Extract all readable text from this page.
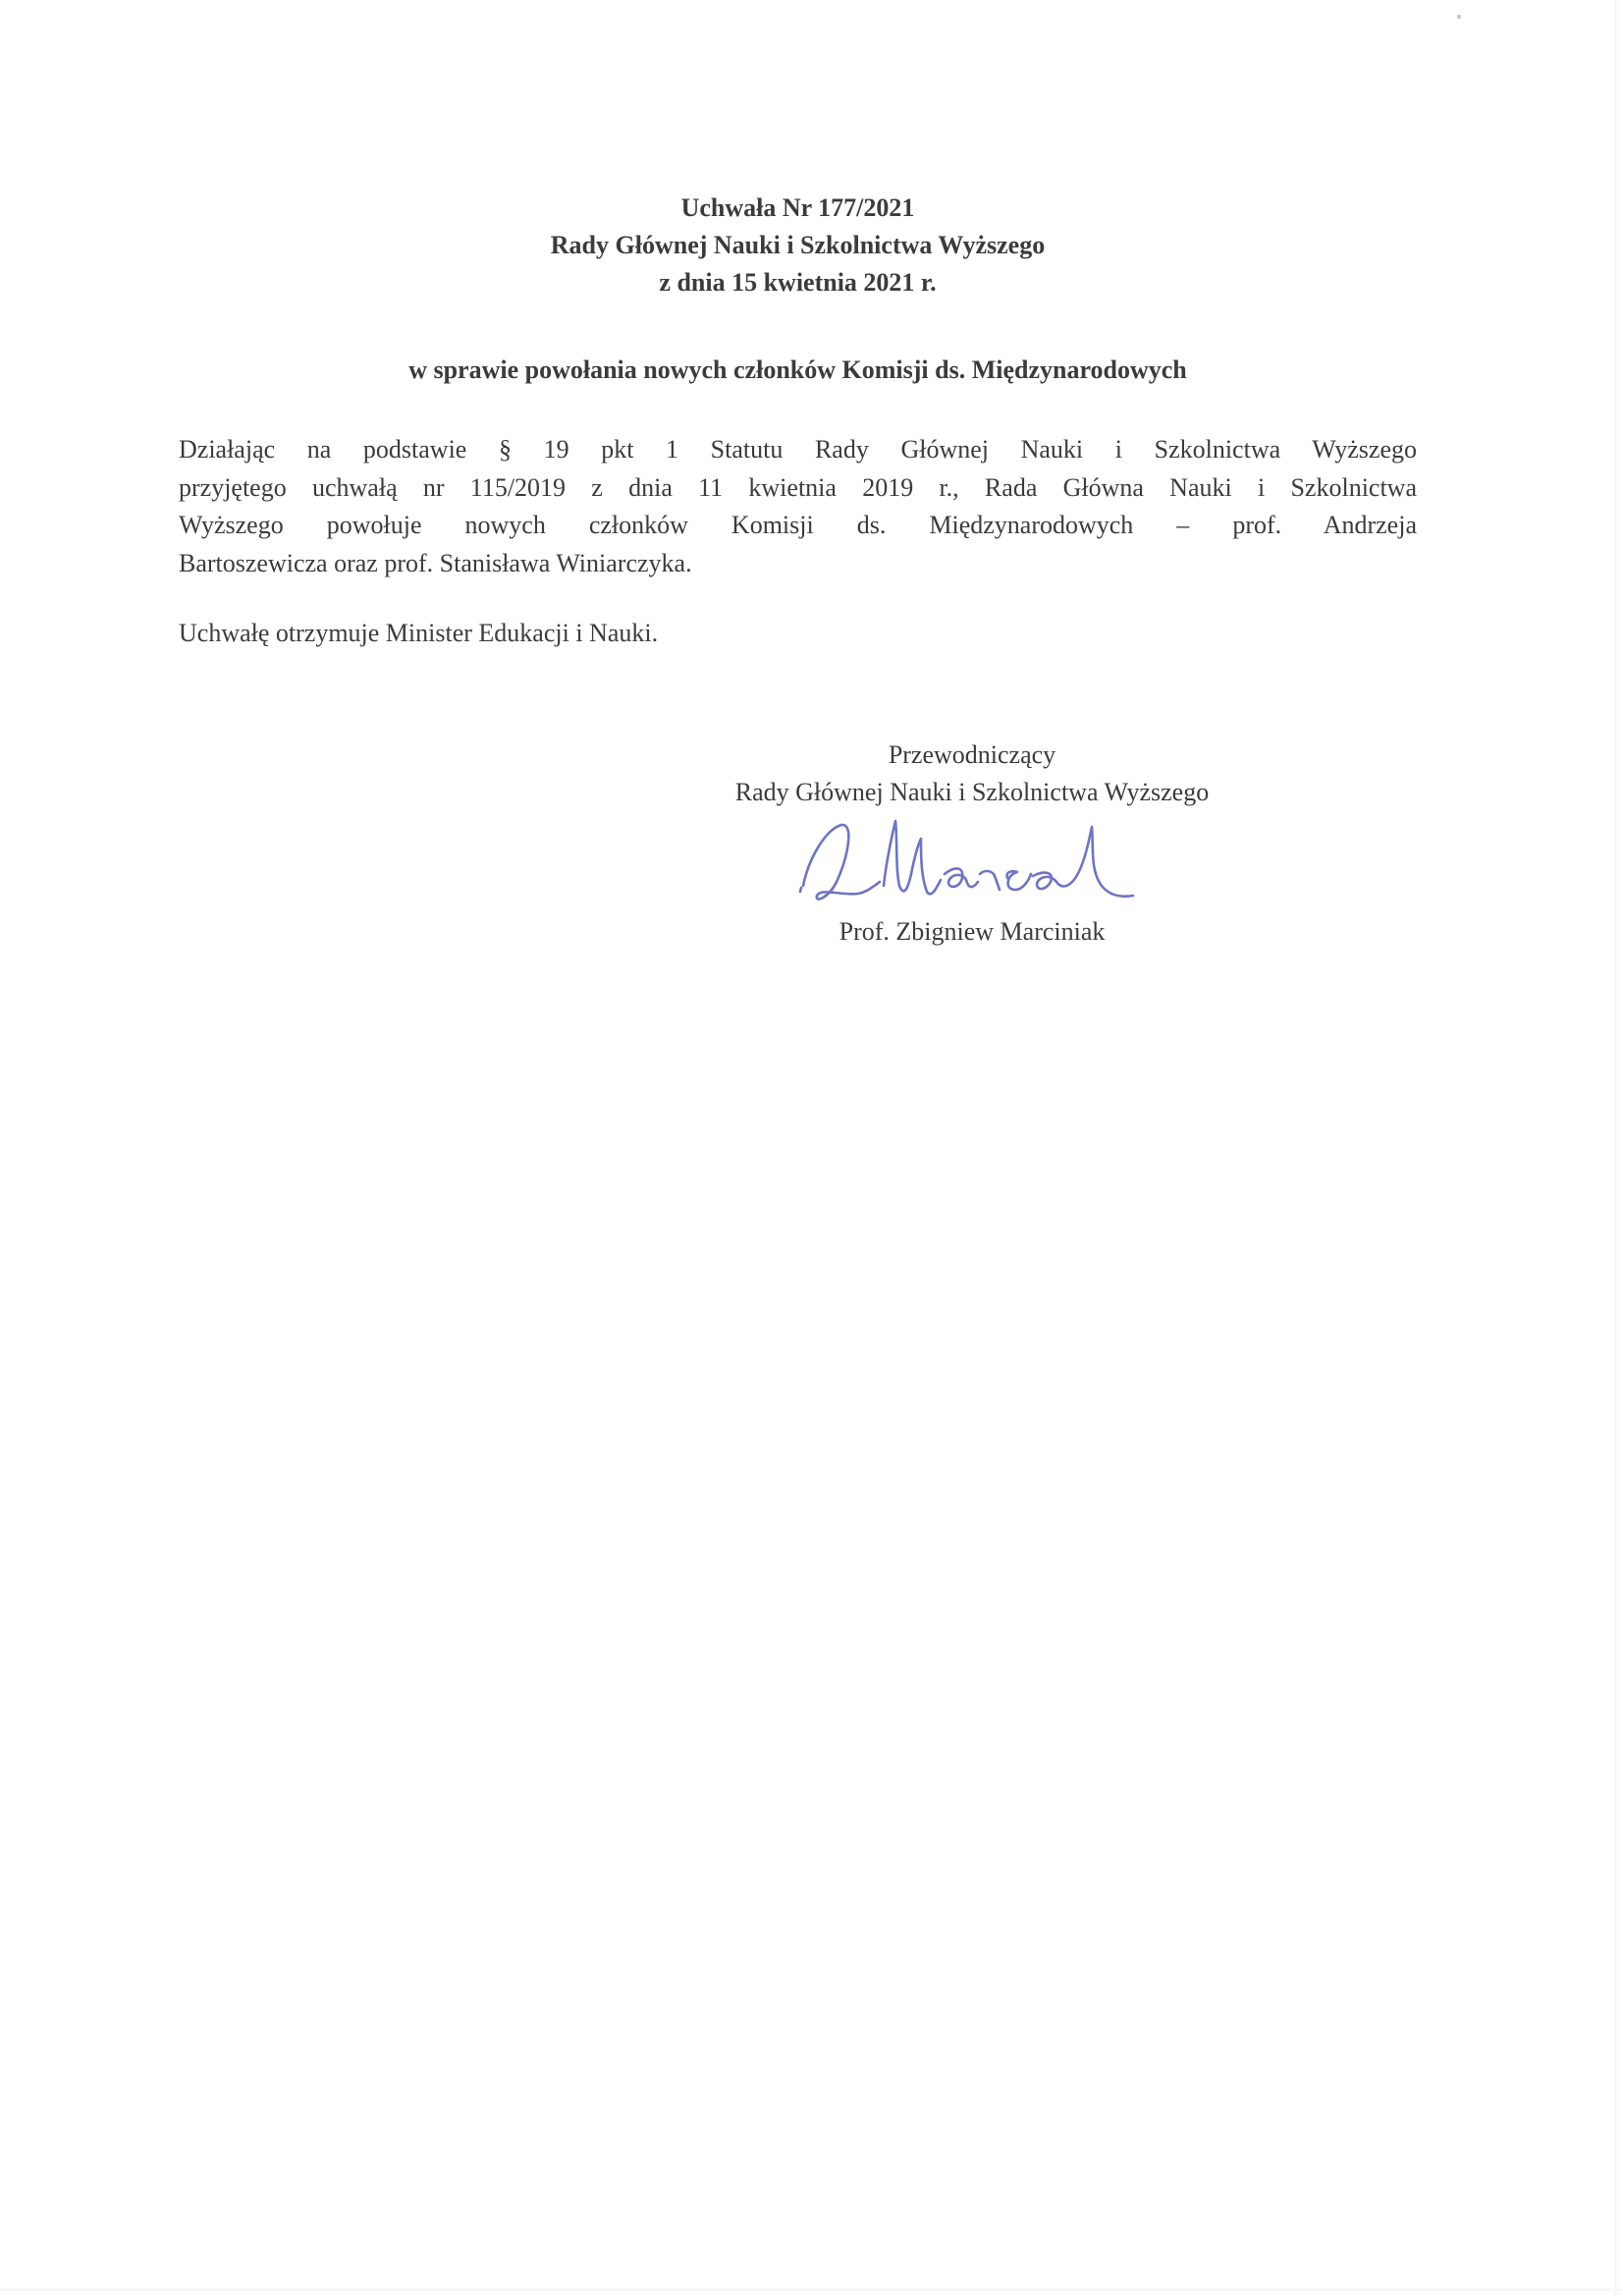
Uchwała Nr 177/2021
Rady Głównej Nauki i Szkolnictwa Wyższego
z dnia 15 kwietnia 2021 r.
w sprawie powołania nowych członków Komisji ds. Międzynarodowych
Działając na podstawie § 19 pkt 1 Statutu Rady Głównej Nauki i Szkolnictwa Wyższego
przyjętego uchwałą nr 115/2019 z dnia 11 kwietnia 2019 r., Rada Główna Nauki i Szkolnictwa
Wyższego powołuje nowych członków Komisji ds. Międzynarodowych – prof. Andrzeja
Bartoszewicza oraz prof. Stanisława Winiarczyka.
Uchwałę otrzymuje Minister Edukacji i Nauki.
Przewodniczący
Rady Głównej Nauki i Szkolnictwa Wyższego
Prof. Zbigniew Marciniak
